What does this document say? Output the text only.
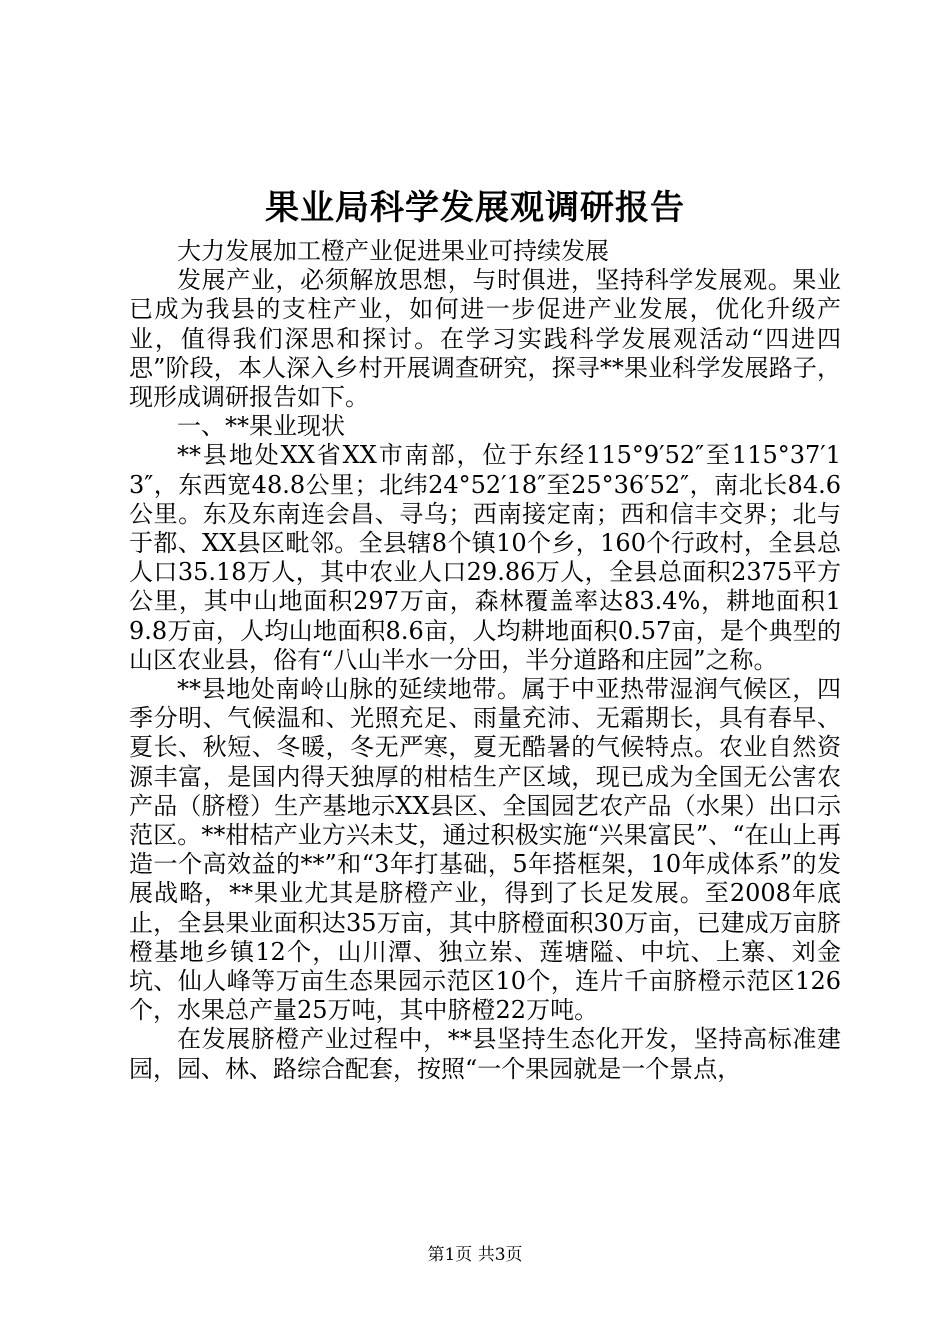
果业局科学发展观调研报告

大力发展加工橙产业促进果业可持续发展

发展产业，必须解放思想，与时俱进，坚持科学发展观。果业已成为我县的支柱产业，如何进一步促进产业发展，优化升级产业，值得我们深思和探讨。在学习实践科学发展观活动“四进四思”阶段，本人深入乡村开展调查研究，探寻**果业科学发展路子，现形成调研报告如下。

一、**果业现状

**县地处XX省XX市南部，位于东经115°9′52″至115°37′13″，东西宽48.8公里；北纬24°52′18″至25°36′52″，南北长84.6公里。东及东南连会昌、寻乌；西南接定南；西和信丰交界；北与于都、XX县区毗邻。全县辖8个镇10个乡，160个行政村，全县总人口35.18万人，其中农业人口29.86万人，全县总面积2375平方公里，其中山地面积297万亩，森林覆盖率达83.4%，耕地面积19.8万亩，人均山地面积8.6亩，人均耕地面积0.57亩，是个典型的山区农业县，俗有“八山半水一分田，半分道路和庄园”之称。

**县地处南岭山脉的延续地带。属于中亚热带湿润气候区，四季分明、气候温和、光照充足、雨量充沛、无霜期长，具有春早、夏长、秋短、冬暖，冬无严寒，夏无酷暑的气候特点。农业自然资源丰富，是国内得天独厚的柑桔生产区域，现已成为全国无公害农产品（脐橙）生产基地示XX县区、全国园艺农产品（水果）出口示范区。**柑桔产业方兴未艾，通过积极实施“兴果富民”、“在山上再造一个高效益的**”和“3年打基础，5年搭框架，10年成体系”的发展战略，**果业尤其是脐橙产业，得到了长足发展。至2008年底止，全县果业面积达35万亩，其中脐橙面积30万亩，已建成万亩脐橙基地乡镇12个，山川潭、独立岽、莲塘隘、中坑、上寨、刘金坑、仙人峰等万亩生态果园示范区10个，连片千亩脐橙示范区126个，水果总产量25万吨，其中脐橙22万吨。

在发展脐橙产业过程中，**县坚持生态化开发，坚持高标准建园，园、林、路综合配套，按照“一个果园就是一个景点，

第1页 共3页
